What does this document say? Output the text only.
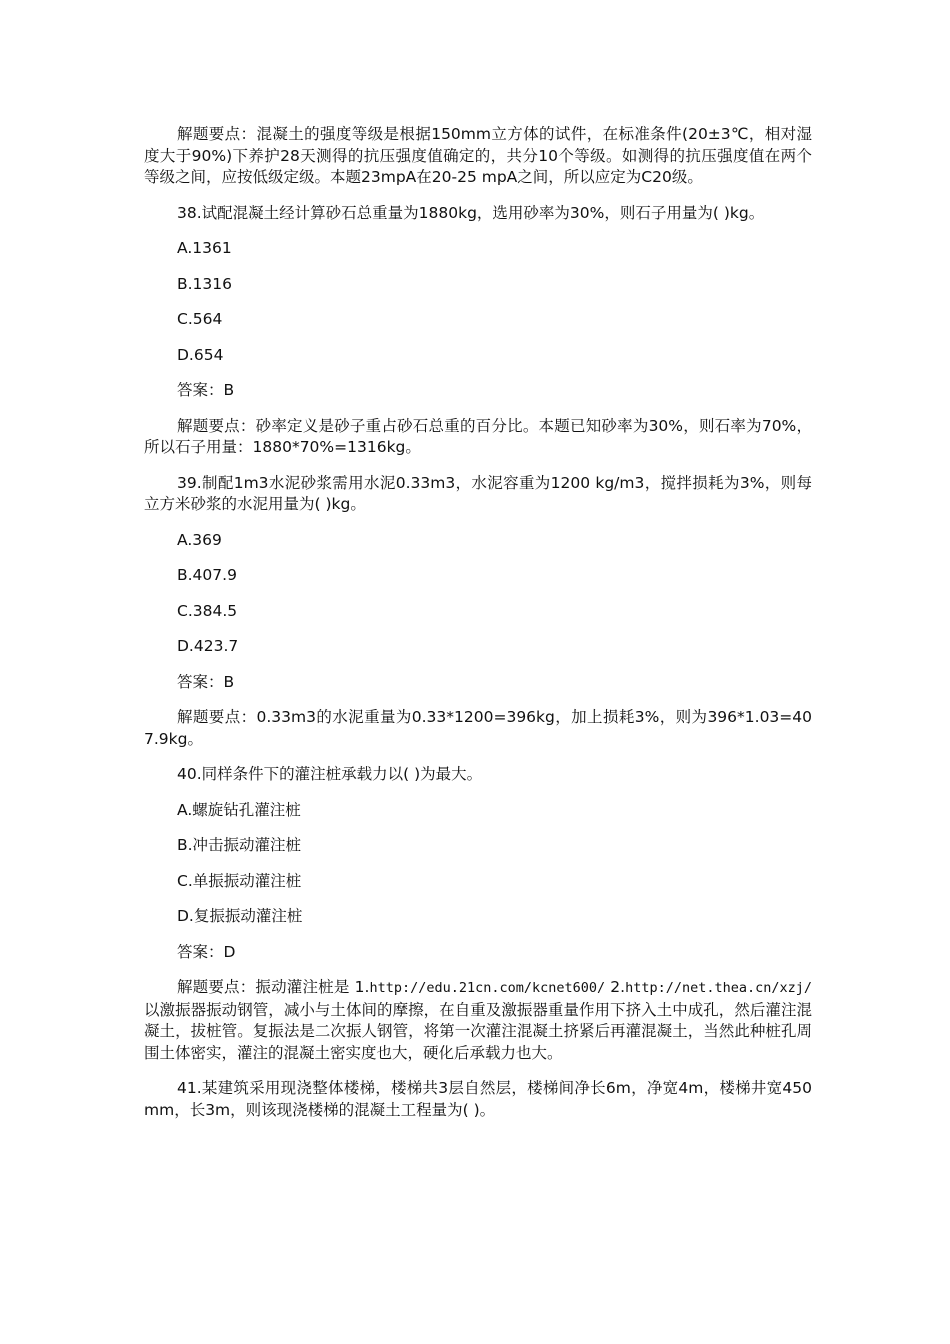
解题要点：混凝土的强度等级是根据150mm立方体的试件，在标准条件(20±3℃，相对湿度大于90%)下养护28天测得的抗压强度值确定的，共分10个等级。如测得的抗压强度值在两个等级之间，应按低级定级。本题23mpA在20-25 mpA之间，所以应定为C20级。

38.试配混凝土经计算砂石总重量为1880kg，选用砂率为30%，则石子用量为( )kg。

A.1361

B.1316

C.564

D.654

答案：B

解题要点：砂率定义是砂子重占砂石总重的百分比。本题已知砂率为30%，则石率为70%，所以石子用量：1880*70%=1316kg。

39.制配1m3水泥砂浆需用水泥0.33m3，水泥容重为1200 kg/m3，搅拌损耗为3%，则每立方米砂浆的水泥用量为( )kg。

A.369

B.407.9

C.384.5

D.423.7

答案：B

解题要点：0.33m3的水泥重量为0.33*1200=396kg，加上损耗3%，则为396*1.03=407.9kg。

40.同样条件下的灌注桩承载力以( )为最大。

A.螺旋钻孔灌注桩

B.冲击振动灌注桩

C.单振振动灌注桩

D.复振振动灌注桩

答案：D

解题要点：振动灌注桩是 1.http://edu.21cn.com/kcnet600/ 2.http://net.thea.cn/xzj/以激振器振动钢管，减小与土体间的摩擦，在自重及激振器重量作用下挤入土中成孔，然后灌注混凝土，拔桩管。复振法是二次振人钢管，将第一次灌注混凝土挤紧后再灌混凝土，当然此种桩孔周围土体密实，灌注的混凝土密实度也大，硬化后承载力也大。

41.某建筑采用现浇整体楼梯，楼梯共3层自然层，楼梯间净长6m，净宽4m，楼梯井宽450mm，长3m，则该现浇楼梯的混凝土工程量为( )。
